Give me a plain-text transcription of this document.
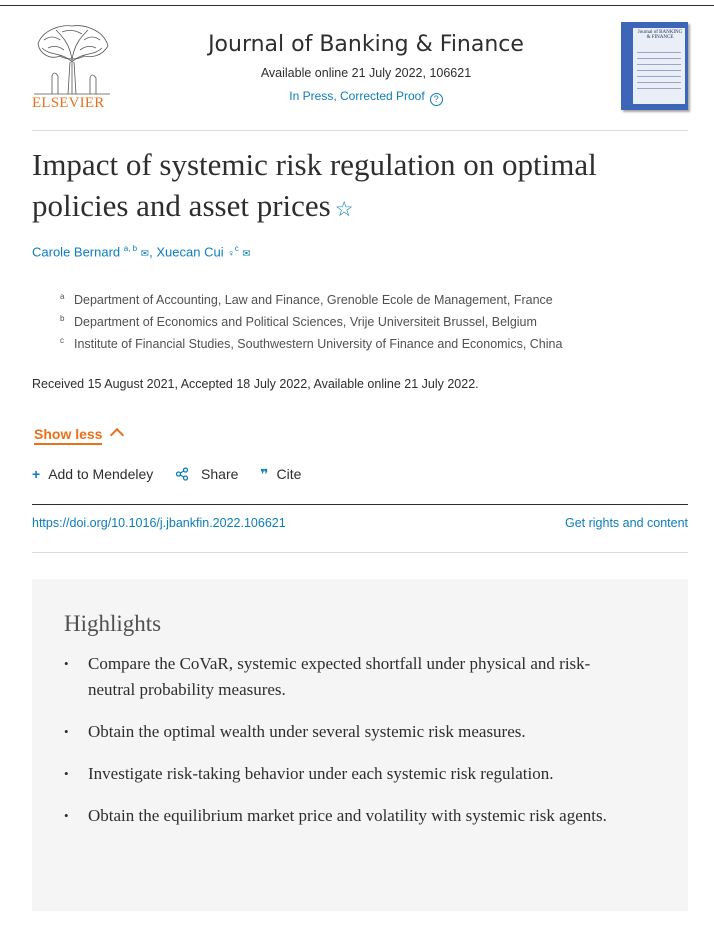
ELSEVIER
Journal of Banking & Finance
Available online 21 July 2022, 106621
In Press, Corrected Proof ?
Journal of BANKING & FINANCE
Impact of systemic risk regulation on optimal policies and asset prices ☆
Carole Bernard $^{a, b}$ ✉, Xuecan Cui ♀$^c$ ✉
$^a$ Department of Accounting, Law and Finance, Grenoble Ecole de Management, France
$^b$ Department of Economics and Political Sciences, Vrije Universiteit Brussel, Belgium
$^c$ Institute of Financial Studies, Southwestern University of Finance and Economics, China
Received 15 August 2021, Accepted 18 July 2022, Available online 21 July 2022.
Show less
+ Add to Mendeley	Share ❞ Cite
https://doi.org/10.1016/j.jbankfin.2022.106621	Get rights and content
Highlights
• Compare the CoVaR, systemic expected shortfall under physical and risk-neutral probability measures.
• Obtain the optimal wealth under several systemic risk measures.
• Investigate risk-taking behavior under each systemic risk regulation.
• Obtain the equilibrium market price and volatility with systemic risk agents.
